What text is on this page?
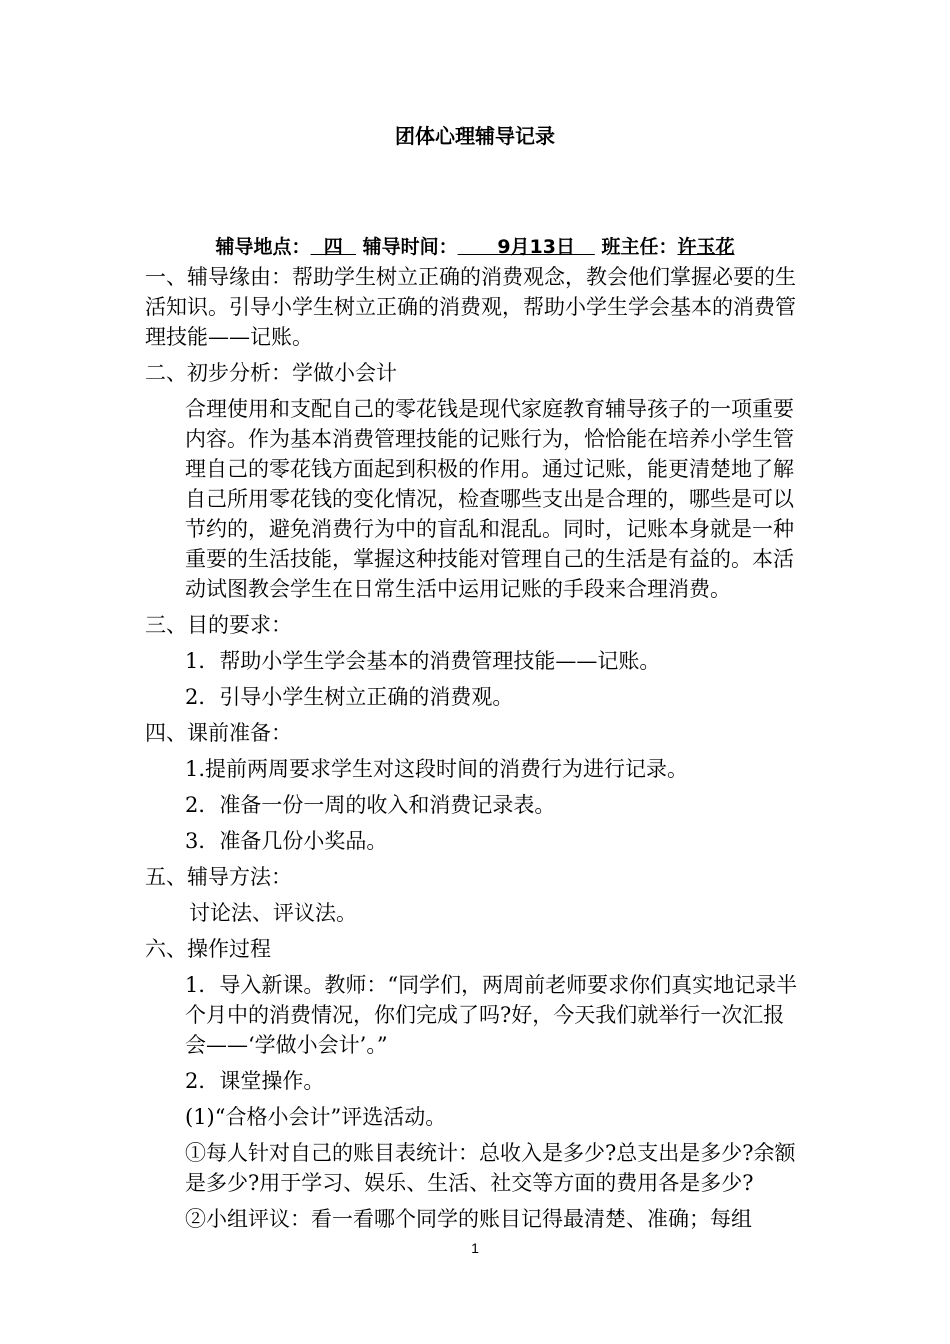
团体心理辅导记录
辅导地点：  四   辅导时间：      9月13日    班主任：许玉花

一、辅导缘由：帮助学生树立正确的消费观念，教会他们掌握必要的生活知识。引导小学生树立正确的消费观，帮助小学生学会基本的消费管理技能——记账。

二、初步分析：学做小会计

合理使用和支配自己的零花钱是现代家庭教育辅导孩子的一项重要内容。作为基本消费管理技能的记账行为，恰恰能在培养小学生管理自己的零花钱方面起到积极的作用。通过记账，能更清楚地了解自己所用零花钱的变化情况，检查哪些支出是合理的，哪些是可以节约的，避免消费行为中的盲乱和混乱。同时，记账本身就是一种重要的生活技能，掌握这种技能对管理自己的生活是有益的。本活动试图教会学生在日常生活中运用记账的手段来合理消费。

三、目的要求：

1．帮助小学生学会基本的消费管理技能——记账。

2．引导小学生树立正确的消费观。

四、课前准备：

1.提前两周要求学生对这段时间的消费行为进行记录。

2．准备一份一周的收入和消费记录表。

3．准备几份小奖品。

五、辅导方法：

讨论法、评议法。

六、操作过程

1．导入新课。教师：“同学们，两周前老师要求你们真实地记录半个月中的消费情况，你们完成了吗?好，今天我们就举行一次汇报会——‘学做小会计’。”

2．课堂操作。

(1)“合格小会计”评选活动。

①每人针对自己的账目表统计：总收入是多少?总支出是多少?余额是多少?用于学习、娱乐、生活、社交等方面的费用各是多少?

②小组评议：看一看哪个同学的账目记得最清楚、准确；每组

1
